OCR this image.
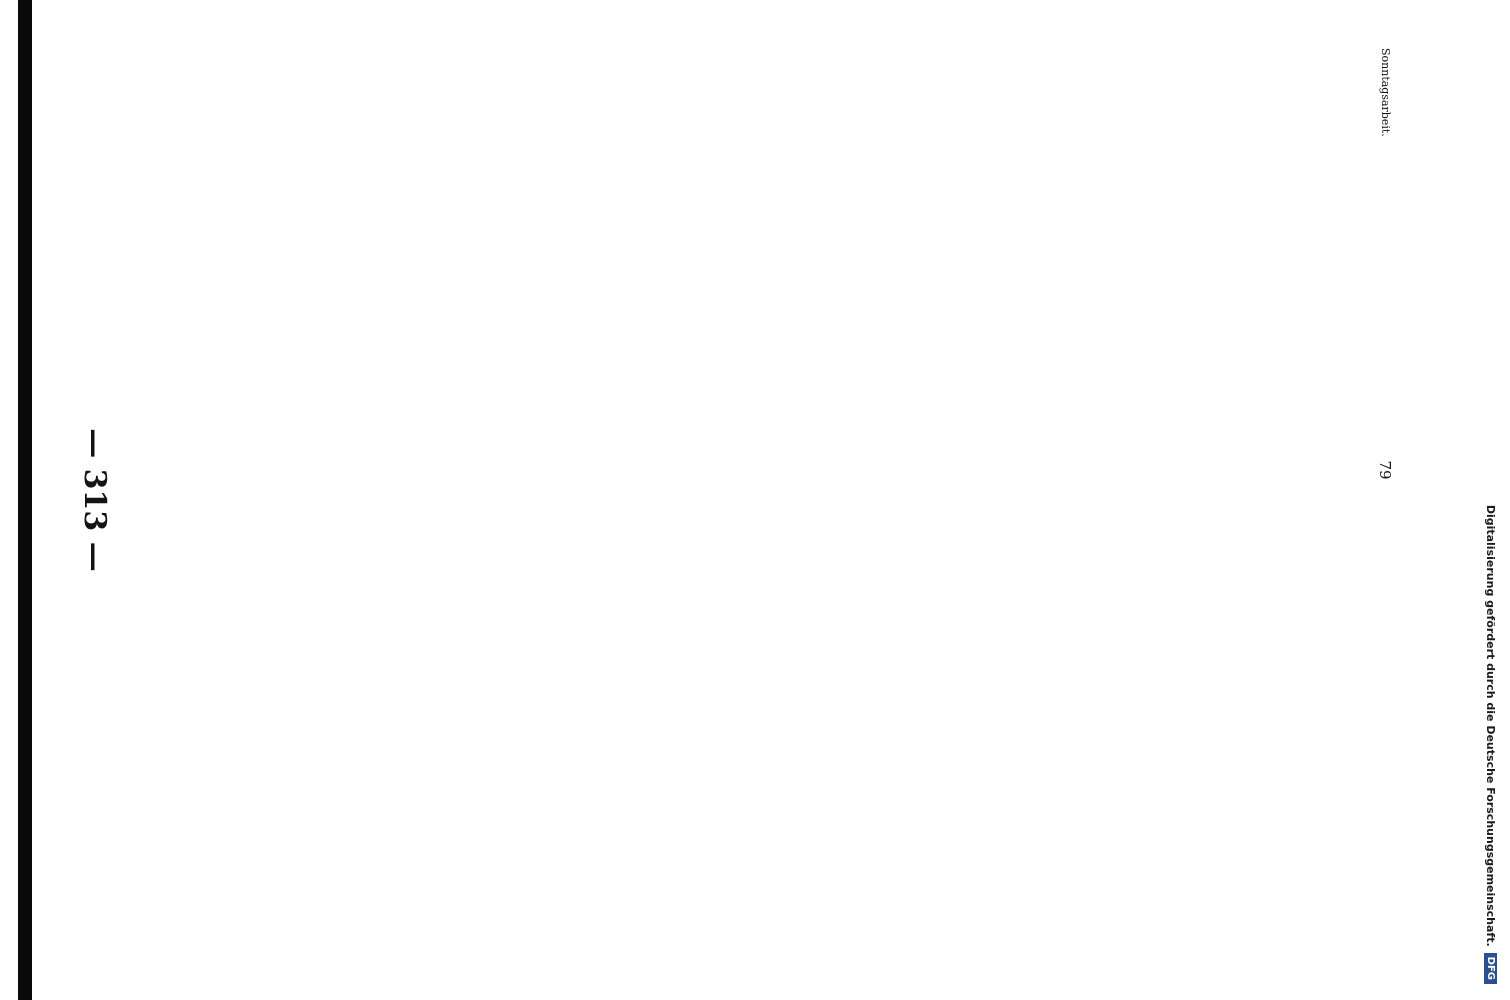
Digitalisierung gefördert durch die Deutsche Forschungsgemeinschaft.
DFG
79
Sonntagsarbeit.
— 313 —
